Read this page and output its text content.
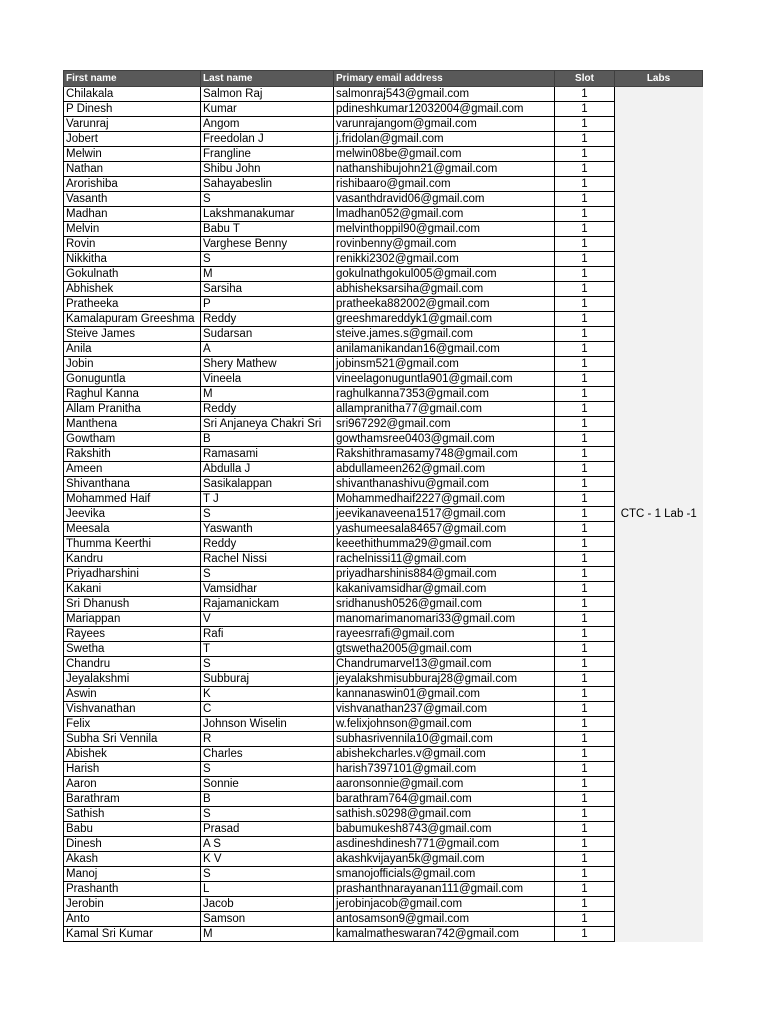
First name	Last name	Primary email address	Slot	Labs
Chilakala	Salmon Raj	salmonraj543@gmail.com	1	CTC - 1 Lab -1
P Dinesh	Kumar	pdineshkumar12032004@gmail.com	1	
Varunraj	Angom	varunrajangom@gmail.com	1	
Jobert	Freedolan J	j.fridolan@gmail.com	1	
Melwin	Frangline	melwin08be@gmail.com	1	
Nathan	Shibu John	nathanshibujohn21@gmail.com	1	
Arorishiba	Sahayabeslin	rishibaaro@gmail.com	1	
Vasanth	S	vasanthdravid06@gmail.com	1	
Madhan	Lakshmanakumar	lmadhan052@gmail.com	1	
Melvin	Babu T	melvinthoppil90@gmail.com	1	
Rovin	Varghese Benny	rovinbenny@gmail.com	1	
Nikkitha	S	renikki2302@gmail.com	1	
Gokulnath	M	gokulnathgokul005@gmail.com	1	
Abhishek	Sarsiha	abhisheksarsiha@gmail.com	1	
Pratheeka	P	pratheeka882002@gmail.com	1	
Kamalapuram Greeshma	Reddy	greeshmareddyk1@gmail.com	1	
Steive James	Sudarsan	steive.james.s@gmail.com	1	
Anila	A	anilamanikandan16@gmail.com	1	
Jobin	Shery Mathew	jobinsm521@gmail.com	1	
Gonuguntla	Vineela	vineelagonuguntla901@gmail.com	1	
Raghul Kanna	M	raghulkanna7353@gmail.com	1	
Allam Pranitha	Reddy	allampranitha77@gmail.com	1	
Manthena	Sri Anjaneya Chakri Sri	sri967292@gmail.com	1	
Gowtham	B	gowthamsree0403@gmail.com	1	
Rakshith	Ramasami	Rakshithramasamy748@gmail.com	1	
Ameen	Abdulla J	abdullameen262@gmail.com	1	
Shivanthana	Sasikalappan	shivanthanashivu@gmail.com	1	
Mohammed Haif	T J	Mohammedhaif2227@gmail.com	1	
Jeevika	S	jeevikanaveena1517@gmail.com	1	
Meesala	Yaswanth	yashumeesala84657@gmail.com	1	
Thumma Keerthi	Reddy	keeethithumma29@gmail.com	1	
Kandru	Rachel Nissi	rachelnissi11@gmail.com	1	
Priyadharshini	S	priyadharshinis884@gmail.com	1	
Kakani	Vamsidhar	kakanivamsidhar@gmail.com	1	
Sri Dhanush	Rajamanickam	sridhanush0526@gmail.com	1	
Mariappan	V	manomarimanomari33@gmail.com	1	
Rayees	Rafi	rayeesrrafi@gmail.com	1	
Swetha	T	gtswetha2005@gmail.com	1	
Chandru	S	Chandrumarvel13@gmail.com	1	
Jeyalakshmi	Subburaj	jeyalakshmisubburaj28@gmail.com	1	
Aswin	K	kannanaswin01@gmail.com	1	
Vishvanathan	C	vishvanathan237@gmail.com	1	
Felix	Johnson Wiselin	w.felixjohnson@gmail.com	1	
Subha Sri Vennila	R	subhasrivennila10@gmail.com	1	
Abishek	Charles	abishekcharles.v@gmail.com	1	
Harish	S	harish7397101@gmail.com	1	
Aaron	Sonnie	aaronsonnie@gmail.com	1	
Barathram	B	barathram764@gmail.com	1	
Sathish	S	sathish.s0298@gmail.com	1	
Babu	Prasad	babumukesh8743@gmail.com	1	
Dinesh	A S	asdineshdinesh771@gmail.com	1	
Akash	K V	akashkvijayan5k@gmail.com	1	
Manoj	S	smanojofficials@gmail.com	1	
Prashanth	L	prashanthnarayanan111@gmail.com	1	
Jerobin	Jacob	jerobinjacob@gmail.com	1	
Anto	Samson	antosamson9@gmail.com	1	
Kamal Sri Kumar	M	kamalmatheswaran742@gmail.com	1	
